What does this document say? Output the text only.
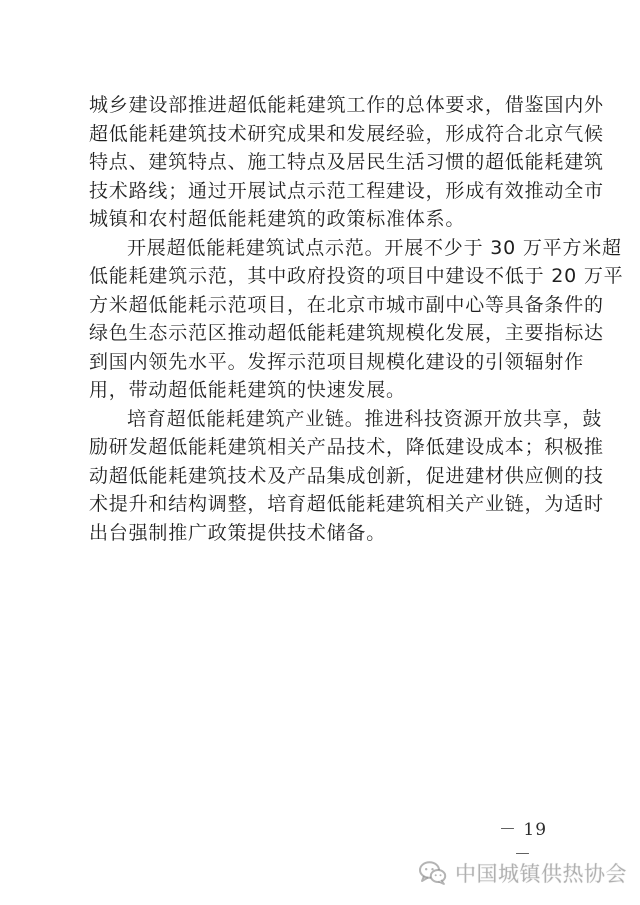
城乡建设部推进超低能耗建筑工作的总体要求，借鉴国内外
超低能耗建筑技术研究成果和发展经验，形成符合北京气候
特点、建筑特点、施工特点及居民生活习惯的超低能耗建筑
技术路线；通过开展试点示范工程建设，形成有效推动全市
城镇和农村超低能耗建筑的政策标准体系。

开展超低能耗建筑试点示范。开展不少于 30 万平方米超
低能耗建筑示范，其中政府投资的项目中建设不低于 20 万平
方米超低能耗示范项目，在北京市城市副中心等具备条件的
绿色生态示范区推动超低能耗建筑规模化发展，主要指标达
到国内领先水平。发挥示范项目规模化建设的引领辐射作
用，带动超低能耗建筑的快速发展。

培育超低能耗建筑产业链。推进科技资源开放共享，鼓
励研发超低能耗建筑相关产品技术，降低建设成本；积极推
动超低能耗建筑技术及产品集成创新，促进建材供应侧的技
术提升和结构调整，培育超低能耗建筑相关产业链，为适时
出台强制推广政策提供技术储备。

－ 19 －
中国城镇供热协会
